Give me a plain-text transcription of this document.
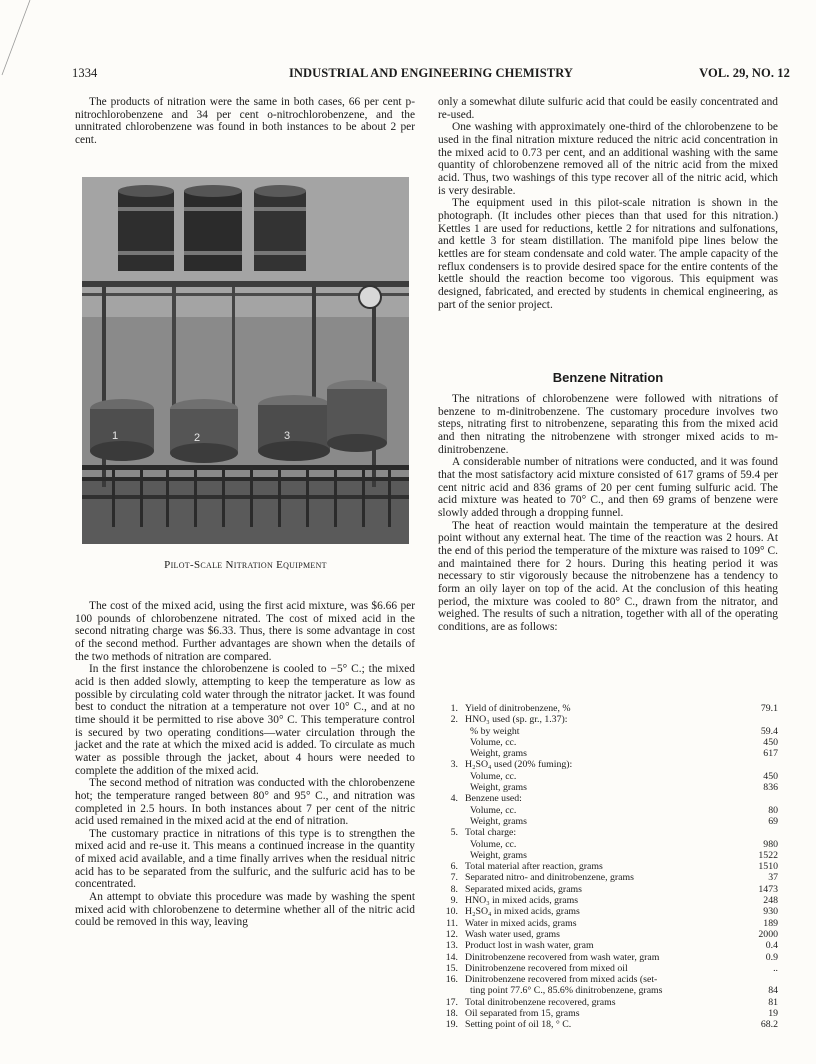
1334	INDUSTRIAL AND ENGINEERING CHEMISTRY	VOL. 29, NO. 12

The products of nitration were the same in both cases, 66 per cent p-nitrochlorobenzene and 34 per cent o-nitrochlorobenzene, and the unnitrated chlorobenzene was found in both instances to be about 2 per cent.

1	2	3
Pilot-Scale Nitration Equipment

The cost of the mixed acid, using the first acid mixture, was $6.66 per 100 pounds of chlorobenzene nitrated. The cost of mixed acid in the second nitrating charge was $6.33. Thus, there is some advantage in cost of the second method. Further advantages are shown when the details of the two methods of nitration are compared.

In the first instance the chlorobenzene is cooled to −5° C.; the mixed acid is then added slowly, attempting to keep the temperature as low as possible by circulating cold water through the nitrator jacket. It was found best to conduct the nitration at a temperature not over 10° C., and at no time should it be permitted to rise above 30° C. This temperature control is secured by two operating conditions—water circulation through the jacket and the rate at which the mixed acid is added. To circulate as much water as possible through the jacket, about 4 hours were needed to complete the addition of the mixed acid.

The second method of nitration was conducted with the chlorobenzene hot; the temperature ranged between 80° and 95° C., and nitration was completed in 2.5 hours. In both instances about 7 per cent of the nitric acid used remained in the mixed acid at the end of nitration.

The customary practice in nitrations of this type is to strengthen the mixed acid and re-use it. This means a continued increase in the quantity of mixed acid available, and a time finally arrives when the residual nitric acid has to be separated from the sulfuric, and the sulfuric acid has to be concentrated.

An attempt to obviate this procedure was made by washing the spent mixed acid with chlorobenzene to determine whether all of the nitric acid could be removed in this way, leaving

only a somewhat dilute sulfuric acid that could be easily concentrated and re-used.

One washing with approximately one-third of the chlorobenzene to be used in the final nitration mixture reduced the nitric acid concentration in the mixed acid to 0.73 per cent, and an additional washing with the same quantity of chlorobenzene removed all of the nitric acid from the mixed acid. Thus, two washings of this type recover all of the nitric acid, which is very desirable.

The equipment used in this pilot-scale nitration is shown in the photograph. (It includes other pieces than that used for this nitration.) Kettles 1 are used for reductions, kettle 2 for nitrations and sulfonations, and kettle 3 for steam distillation. The manifold pipe lines below the kettles are for steam condensate and cold water. The ample capacity of the reflux condensers is to provide desired space for the entire contents of the kettle should the reaction become too vigorous. This equipment was designed, fabricated, and erected by students in chemical engineering, as part of the senior project.

Benzene Nitration

The nitrations of chlorobenzene were followed with nitrations of benzene to m-dinitrobenzene. The customary procedure involves two steps, nitrating first to nitrobenzene, separating this from the mixed acid and then nitrating the nitrobenzene with stronger mixed acids to m-dinitrobenzene.

A considerable number of nitrations were conducted, and it was found that the most satisfactory acid mixture consisted of 617 grams of 59.4 per cent nitric acid and 836 grams of 20 per cent fuming sulfuric acid. The acid mixture was heated to 70° C., and then 69 grams of benzene were slowly added through a dropping funnel.

The heat of reaction would maintain the temperature at the desired point without any external heat. The time of the reaction was 2 hours. At the end of this period the temperature of the mixture was raised to 109° C. and maintained there for 2 hours. During this heating period it was necessary to stir vigorously because the nitrobenzene has a tendency to form an oily layer on top of the acid. At the conclusion of this heating period, the mixture was cooled to 80° C., drawn from the nitrator, and weighed. The results of such a nitration, together with all of the operating conditions, are as follows:

1. Yield of dinitrobenzene, %	79.1
2. HNO₃ used (sp. gr., 1.37):
% by weight	59.4
Volume, cc.	450
Weight, grams	617
3. H₂SO₄ used (20% fuming):
Volume, cc.	450
Weight, grams	836
4. Benzene used:
Volume, cc.	80
Weight, grams	69
5. Total charge:
Volume, cc.	980
Weight, grams	1522
6. Total material after reaction, grams	1510
7. Separated nitro- and dinitrobenzene, grams	37
8. Separated mixed acids, grams	1473
9. HNO₃ in mixed acids, grams	248
10. H₂SO₄ in mixed acids, grams	930
11. Water in mixed acids, grams	189
12. Wash water used, grams	2000
13. Product lost in wash water, gram	0.4
14. Dinitrobenzene recovered from wash water, gram	0.9
15. Dinitrobenzene recovered from mixed oil	..
16. Dinitrobenzene recovered from mixed acids (set-
ting point 77.6° C., 85.6% dinitrobenzene, grams	84
17. Total dinitrobenzene recovered, grams	81
18. Oil separated from 15, grams	19
19. Setting point of oil 18, ° C.	68.2
